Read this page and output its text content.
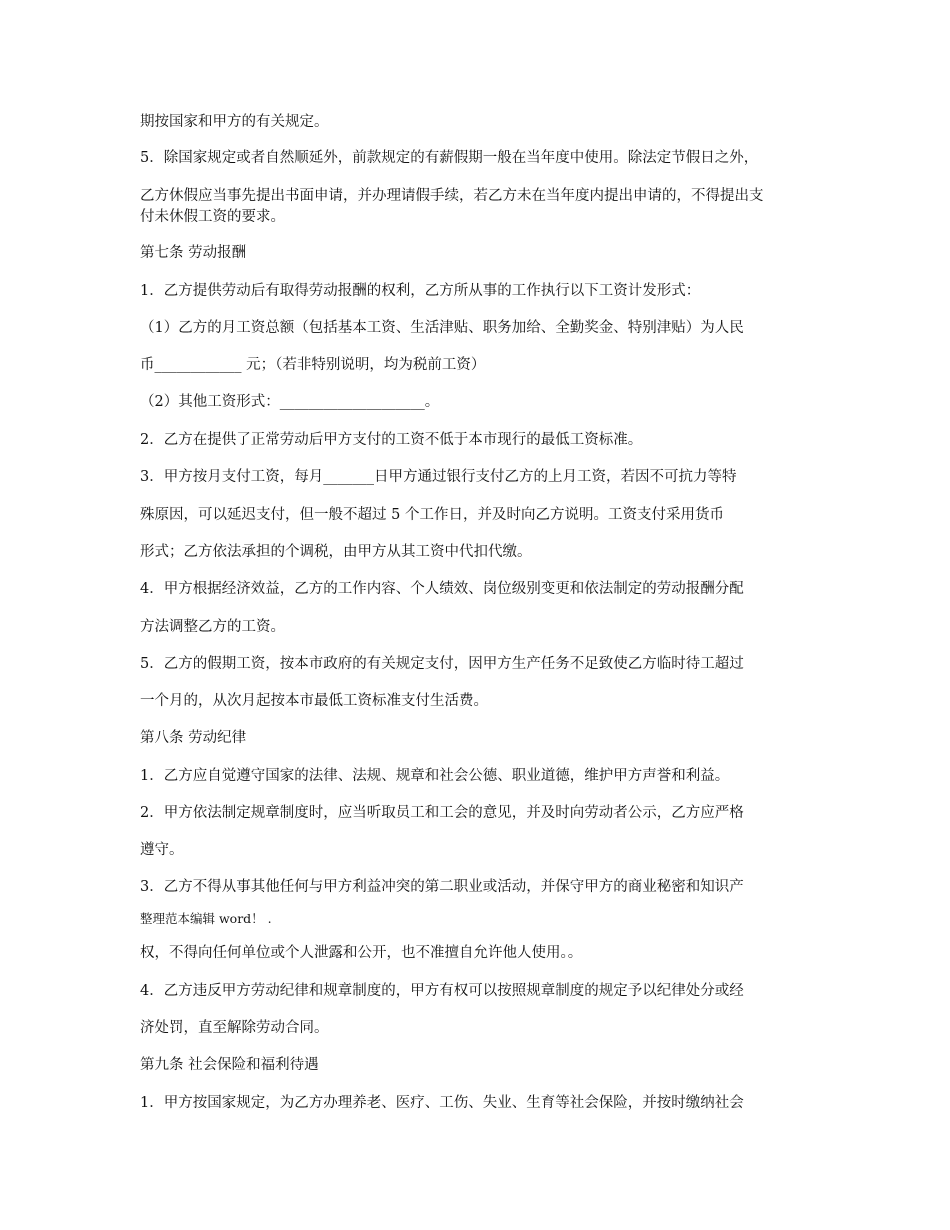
期按国家和甲方的有关规定。
5．除国家规定或者自然顺延外，前款规定的有薪假期一般在当年度中使用。除法定节假日之外，
乙方休假应当事先提出书面申请，并办理请假手续，若乙方未在当年度内提出申请的，不得提出支
付未休假工资的要求。
第七条 劳动报酬
1．乙方提供劳动后有取得劳动报酬的权利，乙方所从事的工作执行以下工资计发形式：
（1）乙方的月工资总额（包括基本工资、生活津贴、职务加给、全勤奖金、特别津贴）为人民
币____________ 元；（若非特别说明，均为税前工资）
（2）其他工资形式：____________________。
2．乙方在提供了正常劳动后甲方支付的工资不低于本市现行的最低工资标准。
3．甲方按月支付工资，每月_______日甲方通过银行支付乙方的上月工资，若因不可抗力等特
殊原因，可以延迟支付，但一般不超过 5 个工作日，并及时向乙方说明。工资支付采用货币
形式；乙方依法承担的个调税，由甲方从其工资中代扣代缴。
4．甲方根据经济效益，乙方的工作内容、个人绩效、岗位级别变更和依法制定的劳动报酬分配
方法调整乙方的工资。
5．乙方的假期工资，按本市政府的有关规定支付，因甲方生产任务不足致使乙方临时待工超过
一个月的，从次月起按本市最低工资标准支付生活费。
第八条 劳动纪律
1．乙方应自觉遵守国家的法律、法规、规章和社会公德、职业道德，维护甲方声誉和利益。
2．甲方依法制定规章制度时，应当听取员工和工会的意见，并及时向劳动者公示，乙方应严格
遵守。
3．乙方不得从事其他任何与甲方利益冲突的第二职业或活动，并保守甲方的商业秘密和知识产
整理范本编辑 word！ .
权，不得向任何单位或个人泄露和公开，也不准擅自允许他人使用。。
4．乙方违反甲方劳动纪律和规章制度的，甲方有权可以按照规章制度的规定予以纪律处分或经
济处罚，直至解除劳动合同。
第九条 社会保险和福利待遇
1．甲方按国家规定，为乙方办理养老、医疗、工伤、失业、生育等社会保险，并按时缴纳社会
